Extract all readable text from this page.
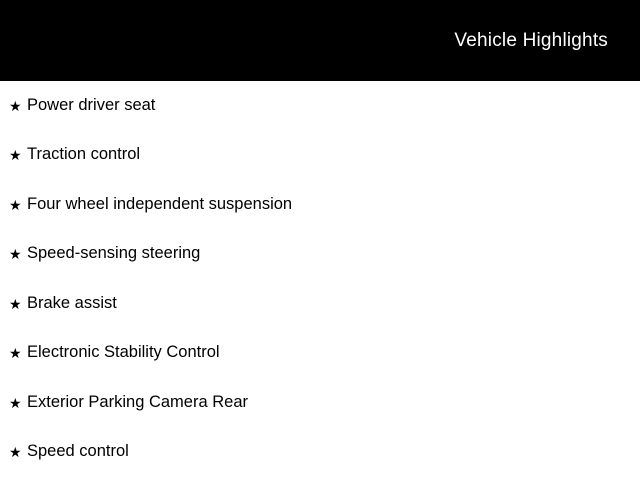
Vehicle Highlights
★ Power driver seat
★ Traction control
★ Four wheel independent suspension
★ Speed-sensing steering
★ Brake assist
★ Electronic Stability Control
★ Exterior Parking Camera Rear
★ Speed control
